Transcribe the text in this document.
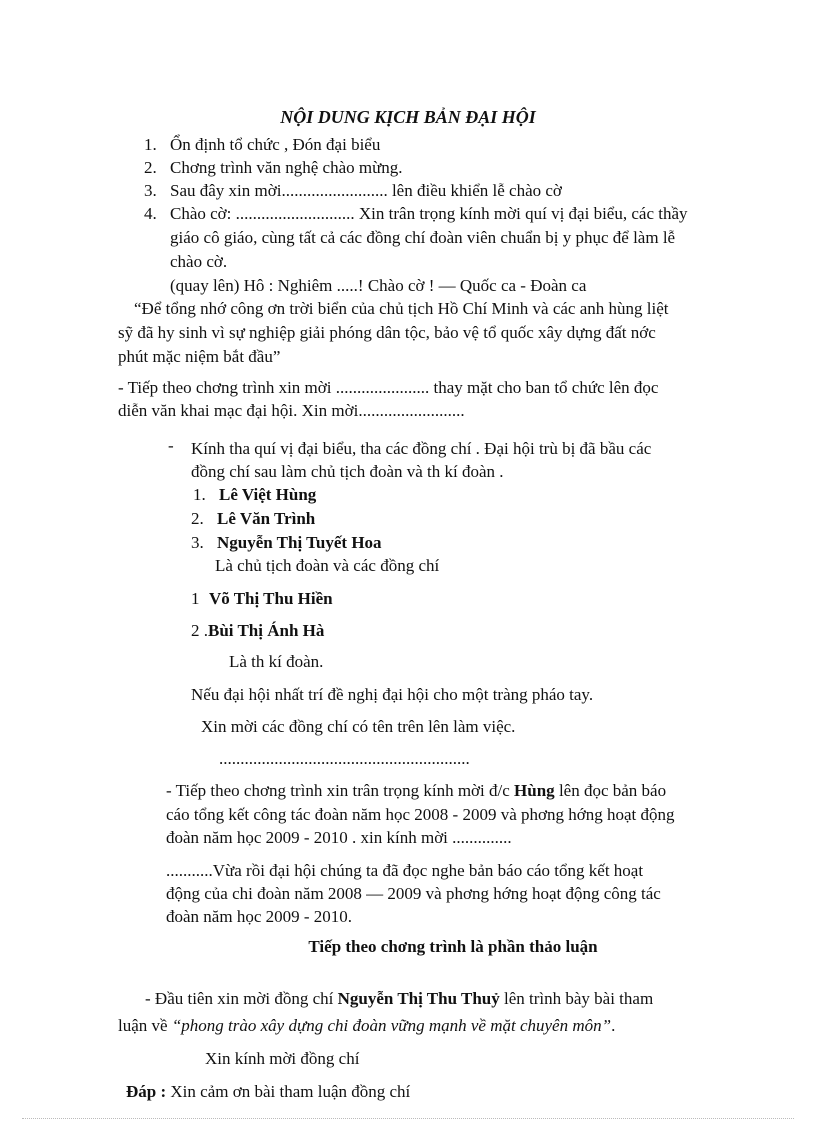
NỘI DUNG KỊCH BẢN ĐẠI HỘI
1. Ổn định tổ chức , Đón đại biểu
2. Chơng trình văn nghệ chào mừng.
3. Sau đây xin mời......................... lên điều khiển lễ chào cờ
4. Chào cờ: ............................ Xin trân trọng kính mời quí vị đại biểu, các thầy
giáo cô giáo, cùng tất cả các đồng chí đoàn viên chuẩn bị y phục để làm lễ
chào cờ.
(quay lên) Hô : Nghiêm .....! Chào cờ ! — Quốc ca - Đoàn ca
“Để tổng nhớ công ơn trời biển của chủ tịch Hồ Chí Minh và các anh hùng liệt
sỹ đã hy sinh vì sự nghiệp giải phóng dân tộc, bảo vệ tổ quốc xây dựng đất nớc
phút mặc niệm bắt đầu”
- Tiếp theo chơng trình xin mời ...................... thay mặt cho ban tổ chức lên đọc
diễn văn khai mạc đại hội. Xin mời.........................
- Kính tha quí vị đại biểu, tha các đồng chí . Đại hội trù bị đã bầu các
đồng chí sau làm chủ tịch đoàn và th kí đoàn .
1. Lê Việt Hùng
2. Lê Văn Trình
3. Nguyễn Thị Tuyết Hoa
Là chủ tịch đoàn và các đồng chí
1 Võ Thị Thu Hiền
2 .Bùi Thị Ánh Hà
Là th kí đoàn.
Nếu đại hội nhất trí đề nghị đại hội cho một tràng pháo tay.
Xin mời các đồng chí có tên trên lên làm việc.
...........................................................
- Tiếp theo chơng trình xin trân trọng kính mời đ/c Hùng lên đọc bản báo
cáo tổng kết công tác đoàn năm học 2008 - 2009 và phơng hớng hoạt động
đoàn năm học 2009 - 2010 . xin kính mời ..............
...........Vừa rồi đại hội chúng ta đã đọc nghe bản báo cáo tổng kết hoạt
động của chi đoàn năm 2008 — 2009 và phơng hớng hoạt động công tác
đoàn năm học 2009 - 2010.
Tiếp theo chơng trình là phần thảo luận
- Đầu tiên xin mời đồng chí Nguyễn Thị Thu Thuỷ lên trình bày bài tham
luận về “phong trào xây dựng chi đoàn vững mạnh về mặt chuyên môn”.
Xin kính mời đồng chí
Đáp : Xin cảm ơn bài tham luận đồng chí
